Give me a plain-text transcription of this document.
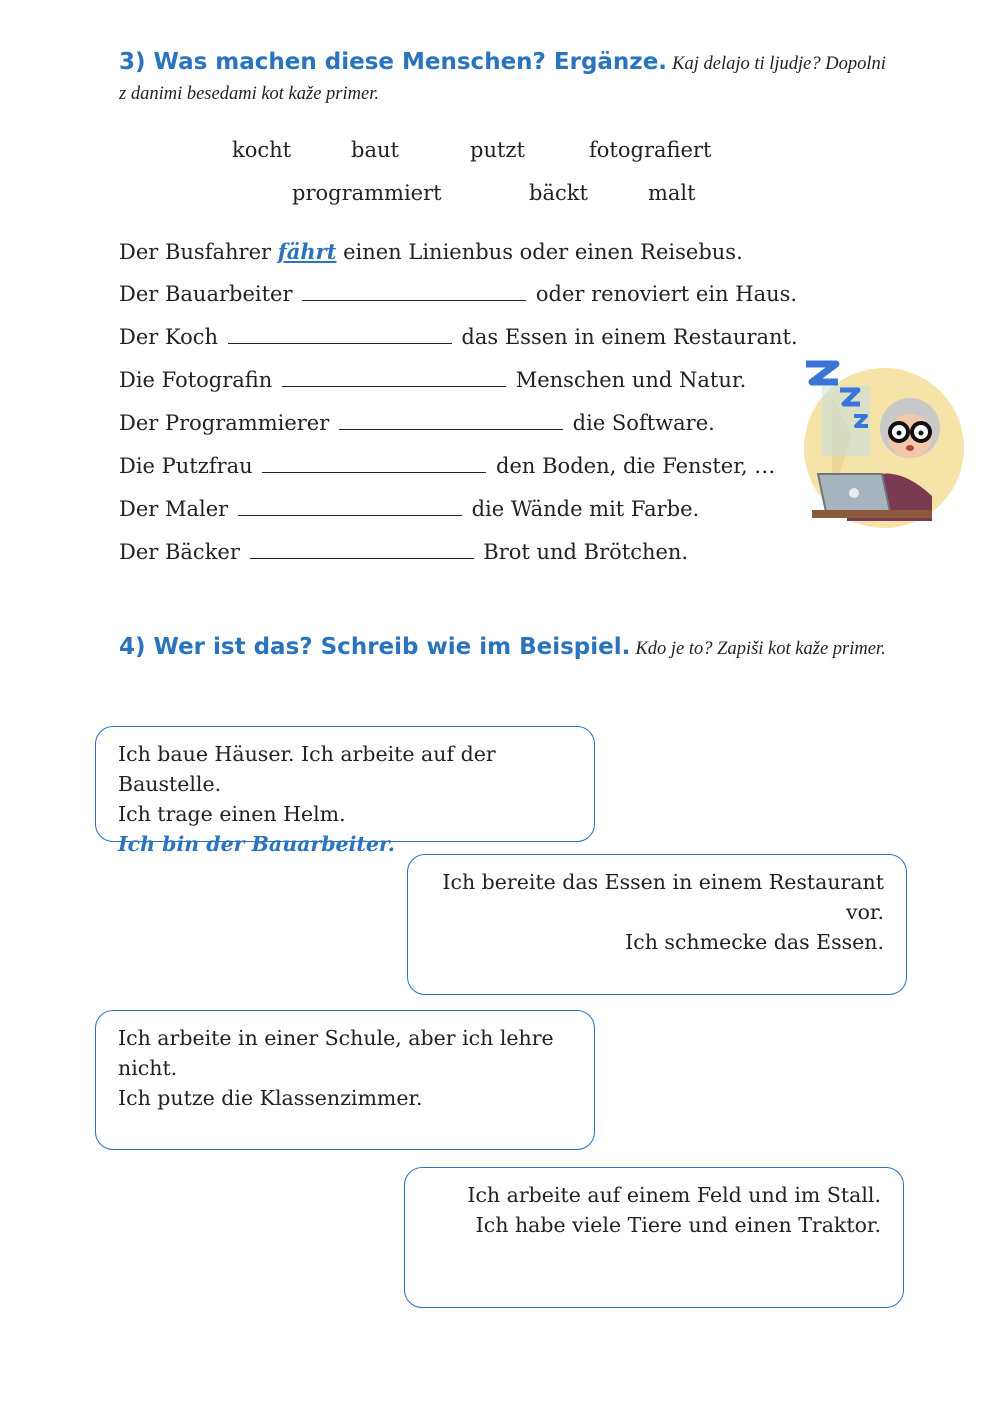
3) Was machen diese Menschen? Ergänze. Kaj delajo ti ljudje? Dopolni z danimi besedami kot kaže primer.
kocht	baut	putzt	fotografiert
programmiert	bäckt	malt
Der Busfahrer fährt einen Linienbus oder einen Reisebus.
Der Bauarbeiter	oder renoviert ein Haus.
Der Koch	das Essen in einem Restaurant.
Die Fotografin	Menschen und Natur.
Der Programmierer	die Software.
Die Putzfrau	den Boden, die Fenster, …
Der Maler	die Wände mit Farbe.
Der Bäcker	Brot und Brötchen.
4) Wer ist das? Schreib wie im Beispiel. Kdo je to? Zapiši kot kaže primer.

Ich baue Häuser. Ich arbeite auf der Baustelle.

Ich trage einen Helm.

Ich bin der Bauarbeiter.

Ich bereite das Essen in einem Restaurant vor.

Ich schmecke das Essen.

Ich arbeite in einer Schule, aber ich lehre nicht.

Ich putze die Klassenzimmer.

Ich arbeite auf einem Feld und im Stall.

Ich habe viele Tiere und einen Traktor.
